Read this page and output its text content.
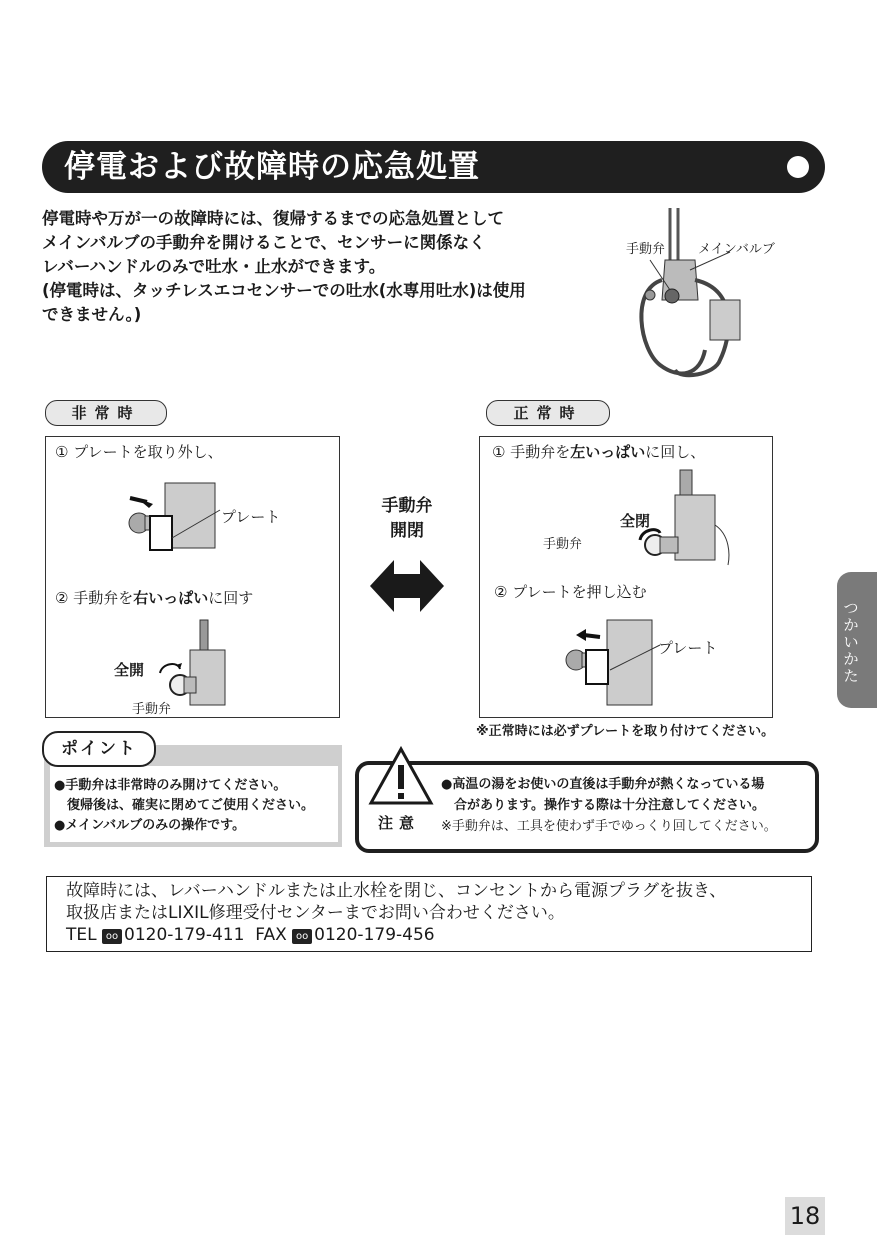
停電および故障時の応急処置
停電時や万が一の故障時には、復帰するまでの応急処置として
メインバルブの手動弁を開けることで、センサーに関係なく
レバーハンドルのみで吐水・止水ができます。
(停電時は、タッチレスエコセンサーでの吐水(水専用吐水)は使用
できません。)
手動弁	メインバルブ
非常時	正常時
① プレートを取り外し、
プレート
② 手動弁を右いっぱいに回す
全開
手動弁
手動弁
開閉
① 手動弁を左いっぱいに回し、
全閉
手動弁
② プレートを押し込む
プレート
※正常時には必ずプレートを取り付けてください。
ポイント
●手動弁は非常時のみ開けてください。
　復帰後は、確実に閉めてご使用ください。
●メインバルブのみの操作です。	注意
●高温の湯をお使いの直後は手動弁が熱くなっている場
　合があります。操作する際は十分注意してください。
※手動弁は、工具を使わず手でゆっくり回してください。
故障時には、レバーハンドルまたは止水栓を閉じ、コンセントから電源プラグを抜き、
取扱店またはLIXIL修理受付センターまでお問い合わせください。
TEL oo 0120-179-411 FAX oo 0120-179-456
つかいかた
18
